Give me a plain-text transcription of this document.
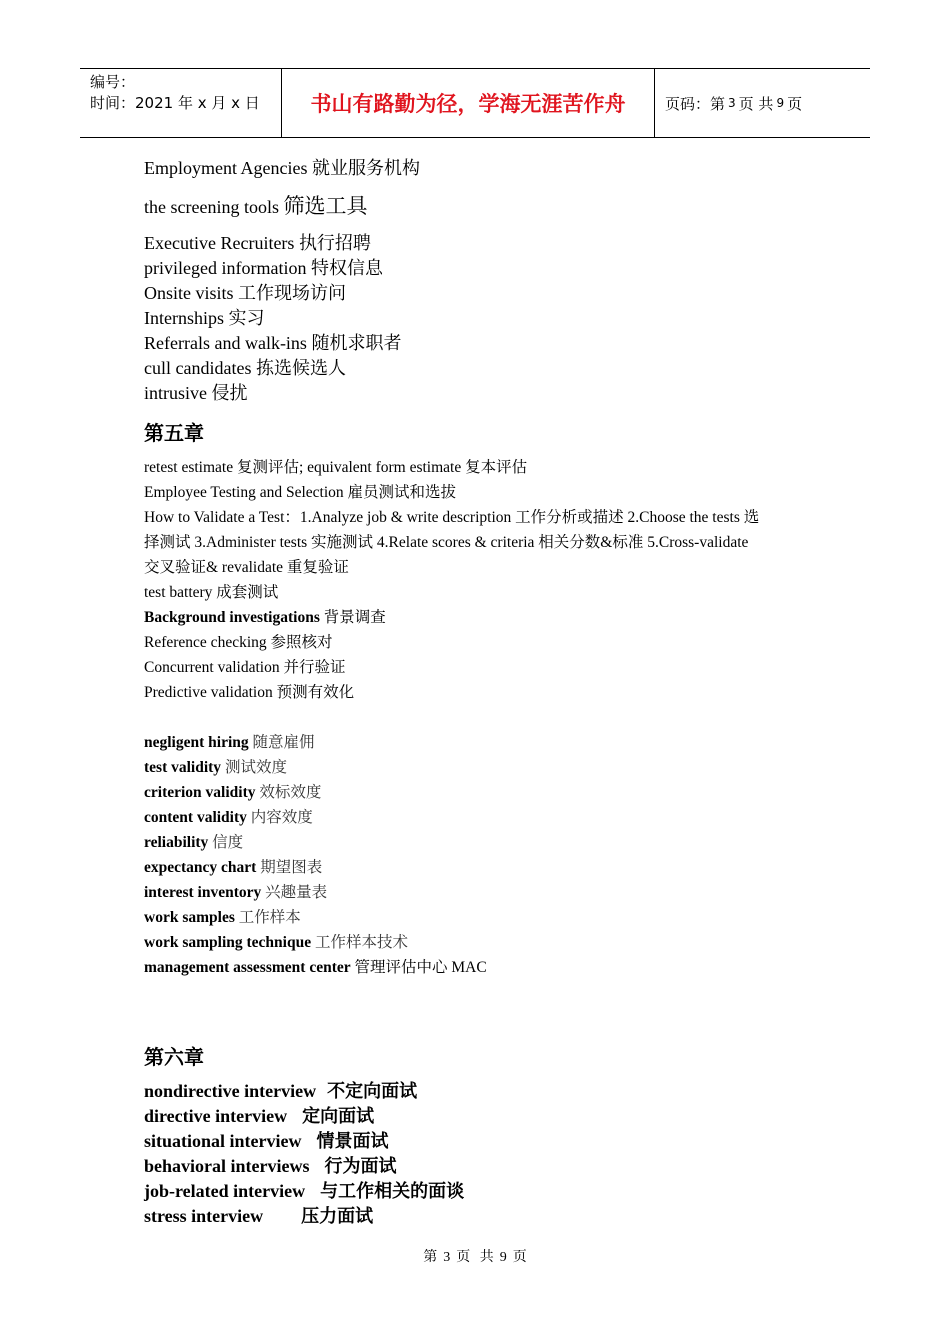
编号：
时间：2021 年 x 月 x 日	书山有路勤为径，学海无涯苦作舟	页码：第 3 页 共 9 页
Employment Agencies 就业服务机构
the screening tools 筛选工具
Executive Recruiters 执行招聘
privileged information 特权信息
Onsite visits 工作现场访问
Internships 实习
Referrals and walk-ins 随机求职者
cull candidates 拣选候选人
intrusive 侵扰
第五章
retest estimate 复测评估; equivalent form estimate 复本评估
Employee Testing and Selection 雇员测试和选拔
How to Validate a Test：1.Analyze job & write description 工作分析或描述 2.Choose the tests 选
择测试 3.Administer tests 实施测试 4.Relate scores & criteria 相关分数&标准 5.Cross-validate
交叉验证& revalidate 重复验证
test battery 成套测试
Background investigations 背景调查
Reference checking 参照核对
Concurrent validation 并行验证
Predictive validation 预测有效化
negligent hiring 随意雇佣
test validity 测试效度
criterion validity 效标效度
content validity 内容效度
reliability 信度
expectancy chart 期望图表
interest inventory 兴趣量表
work samples 工作样本
work sampling technique 工作样本技术
management assessment center 管理评估中心 MAC
第六章
nondirective interview 不定向面试
directive interview 定向面试
situational interview 情景面试
behavioral interviews 行为面试
job-related interview 与工作相关的面谈
stress interview 压力面试
第 3 页 共 9 页
